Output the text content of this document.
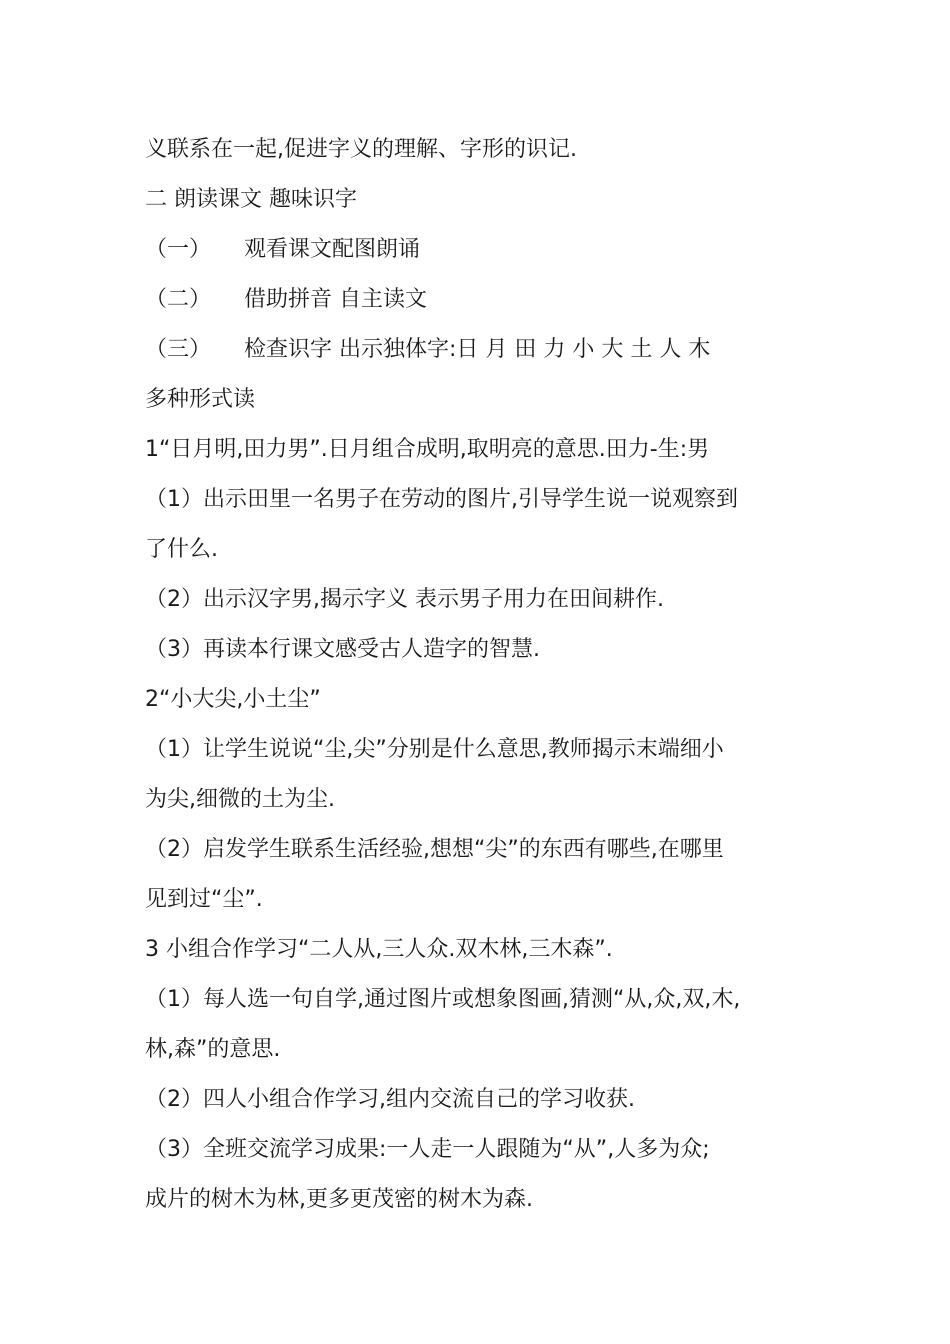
义联系在一起,促进字义的理解、字形的识记.
二 朗读课文 趣味识字
（一） 观看课文配图朗诵
（二） 借助拼音 自主读文
（三） 检查识字 出示独体字:日 月 田 力 小 大 土 人 木
多种形式读
1“日月明,田力男”.日月组合成明,取明亮的意思.田力-生:男
（1）出示田里一名男子在劳动的图片,引导学生说一说观察到
了什么.
（2）出示汉字男,揭示字义 表示男子用力在田间耕作.
（3）再读本行课文感受古人造字的智慧.
2“小大尖,小土尘”
（1）让学生说说“尘,尖”分别是什么意思,教师揭示末端细小
为尖,细微的土为尘.
（2）启发学生联系生活经验,想想“尖”的东西有哪些,在哪里
见到过“尘”.
3 小组合作学习“二人从,三人众.双木林,三木森”.
（1）每人选一句自学,通过图片或想象图画,猜测“从,众,双,木,
林,森”的意思.
（2）四人小组合作学习,组内交流自己的学习收获.
（3）全班交流学习成果:一人走一人跟随为“从”,人多为众;
成片的树木为林,更多更茂密的树木为森.
